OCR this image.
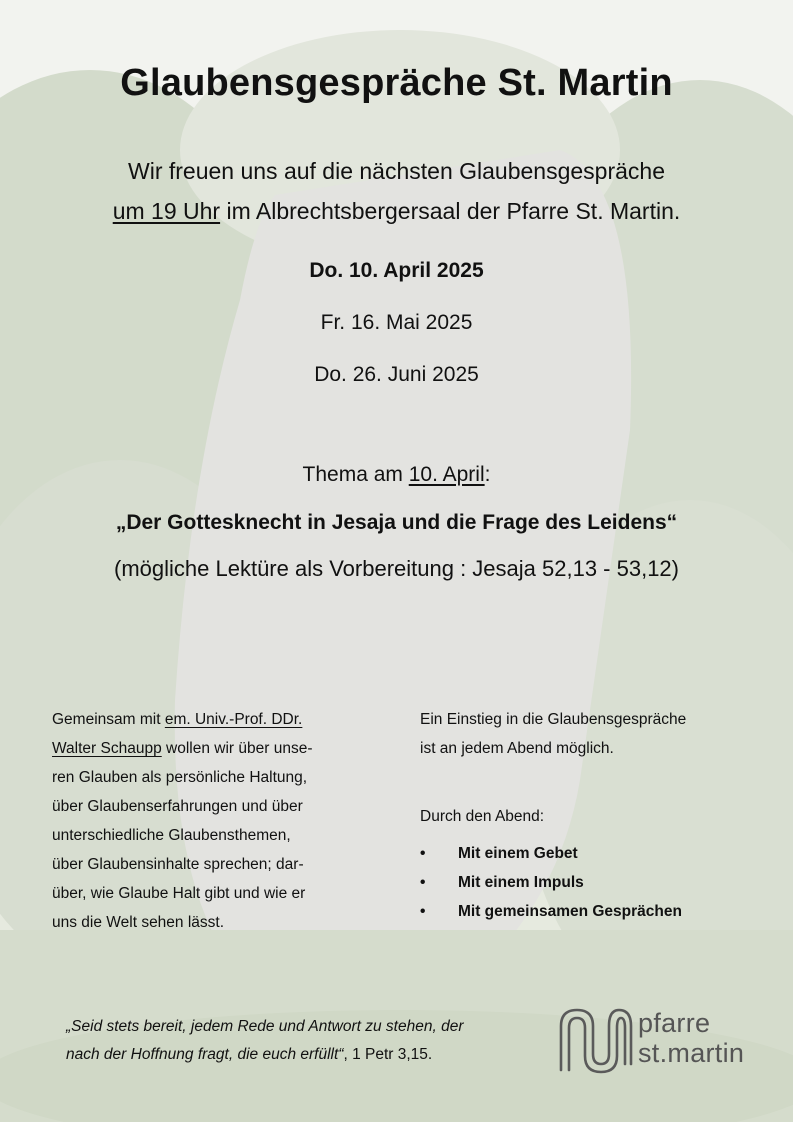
Glaubensgespräche St. Martin
Wir freuen uns auf die nächsten Glaubensgespräche
um 19 Uhr im Albrechtsbergersaal der Pfarre St. Martin.
Do. 10. April 2025
Fr. 16. Mai 2025
Do. 26. Juni 2025
Thema am 10. April:
„Der Gottesknecht in Jesaja und die Frage des Leidens“
(mögliche Lektüre als Vorbereitung : Jesaja 52,13 - 53,12)
Gemeinsam mit em. Univ.-Prof. DDr.
Walter Schaupp wollen wir über unse-
ren Glauben als persönliche Haltung,
über Glaubenserfahrungen und über
unterschiedliche Glaubensthemen,
über Glaubensinhalte sprechen; dar-
über, wie Glaube Halt gibt und wie er
uns die Welt sehen lässt.
Ein Einstieg in die Glaubensgespräche
ist an jedem Abend möglich.
Durch den Abend:
• Mit einem Gebet
• Mit einem Impuls
• Mit gemeinsamen Gesprächen
„Seid stets bereit, jedem Rede und Antwort zu stehen, der
nach der Hoffnung fragt, die euch erfüllt“, 1 Petr 3,15.
pfarre
st.martin
